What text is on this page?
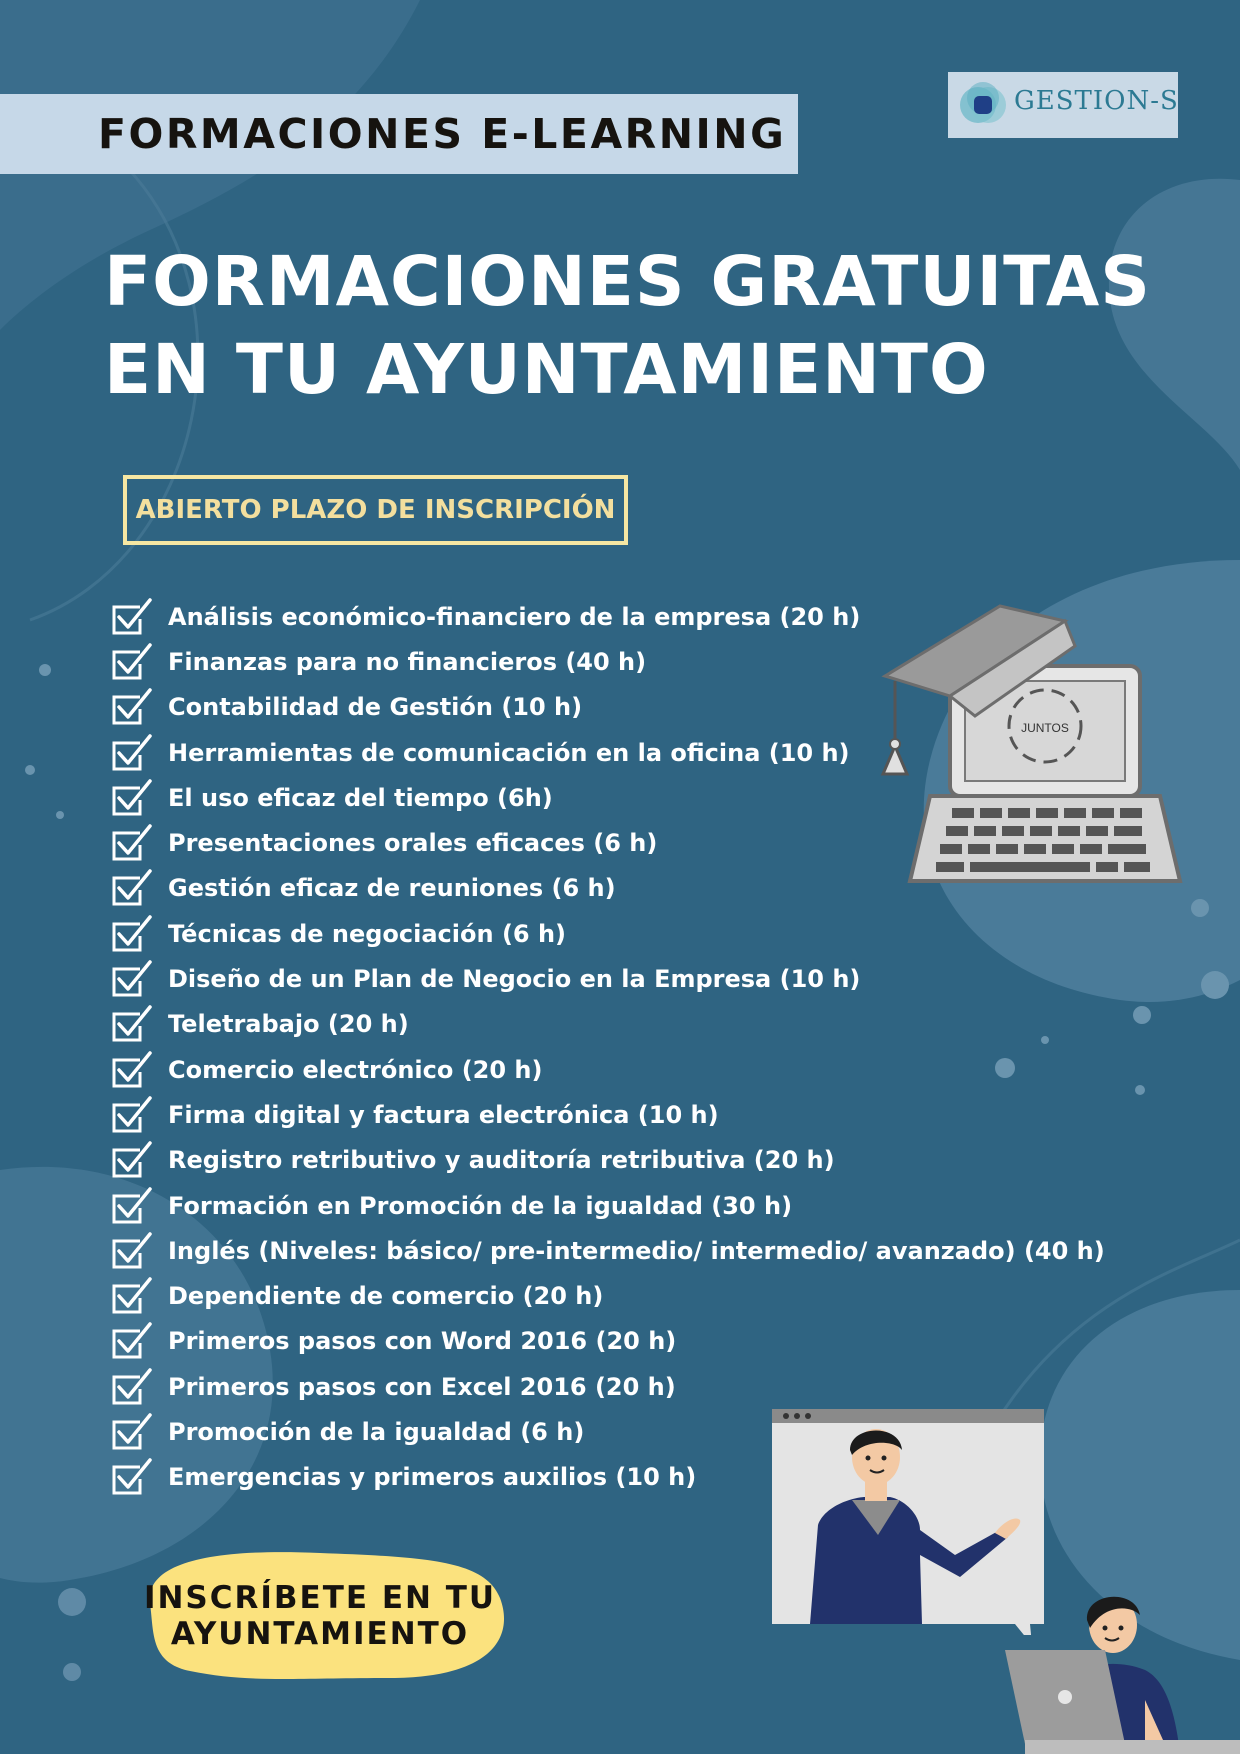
FORMACIONES E-LEARNING
GESTION-S
FORMACIONES GRATUITAS
EN TU AYUNTAMIENTO
ABIERTO PLAZO DE INSCRIPCIÓN
Análisis económico-financiero de la empresa (20 h)
Finanzas para no financieros (40 h)
Contabilidad de Gestión (10 h)
Herramientas de comunicación en la oficina (10 h)
El uso eficaz del tiempo (6h)
Presentaciones orales eficaces (6 h)
Gestión eficaz de reuniones (6 h)
Técnicas de negociación (6 h)
Diseño de un Plan de Negocio en la Empresa (10 h)
Teletrabajo (20 h)
Comercio electrónico (20 h)
Firma digital y factura electrónica (10 h)
Registro retributivo y auditoría retributiva (20 h)
Formación en Promoción de la igualdad (30 h)
Inglés (Niveles: básico/ pre-intermedio/ intermedio/ avanzado) (40 h)
Dependiente de comercio (20 h)
Primeros pasos con Word 2016 (20 h)
Primeros pasos con Excel 2016 (20 h)
Promoción de la igualdad (6 h)
Emergencias y primeros auxilios (10 h)
JUNTOS
INSCRÍBETE EN TU
AYUNTAMIENTO
